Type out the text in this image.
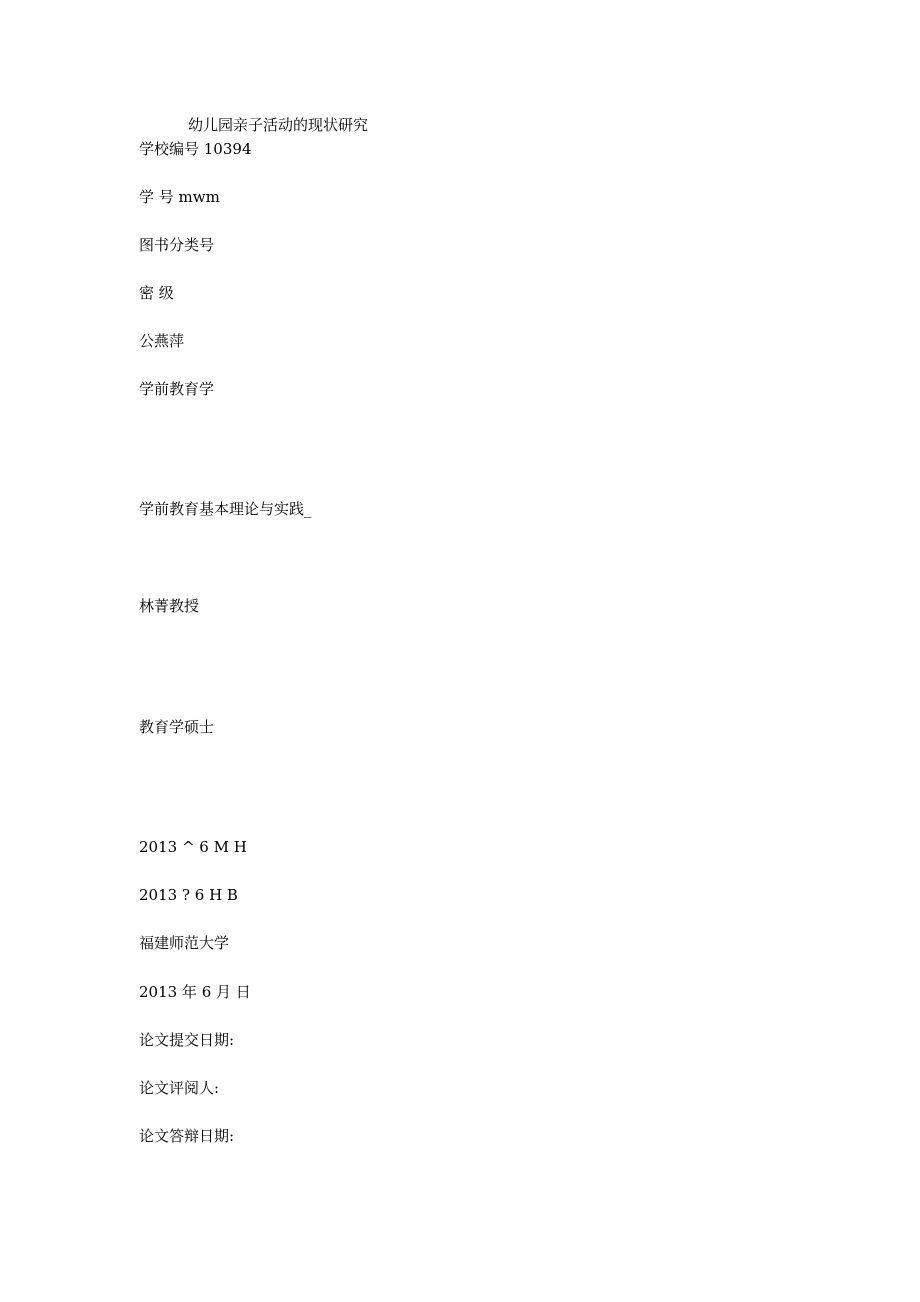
幼儿园亲子活动的现状研究
学校编号 10394
学 号 mwm
图书分类号
密 级
公燕萍
学前教育学
学前教育基本理论与实践_
林菁教授
教育学硕士
2013 ^ 6 M H
2013 ? 6 H B
福建师范大学
2013 年 6 月 日
论文提交日期:
论文评阅人:
论文答辩日期:
